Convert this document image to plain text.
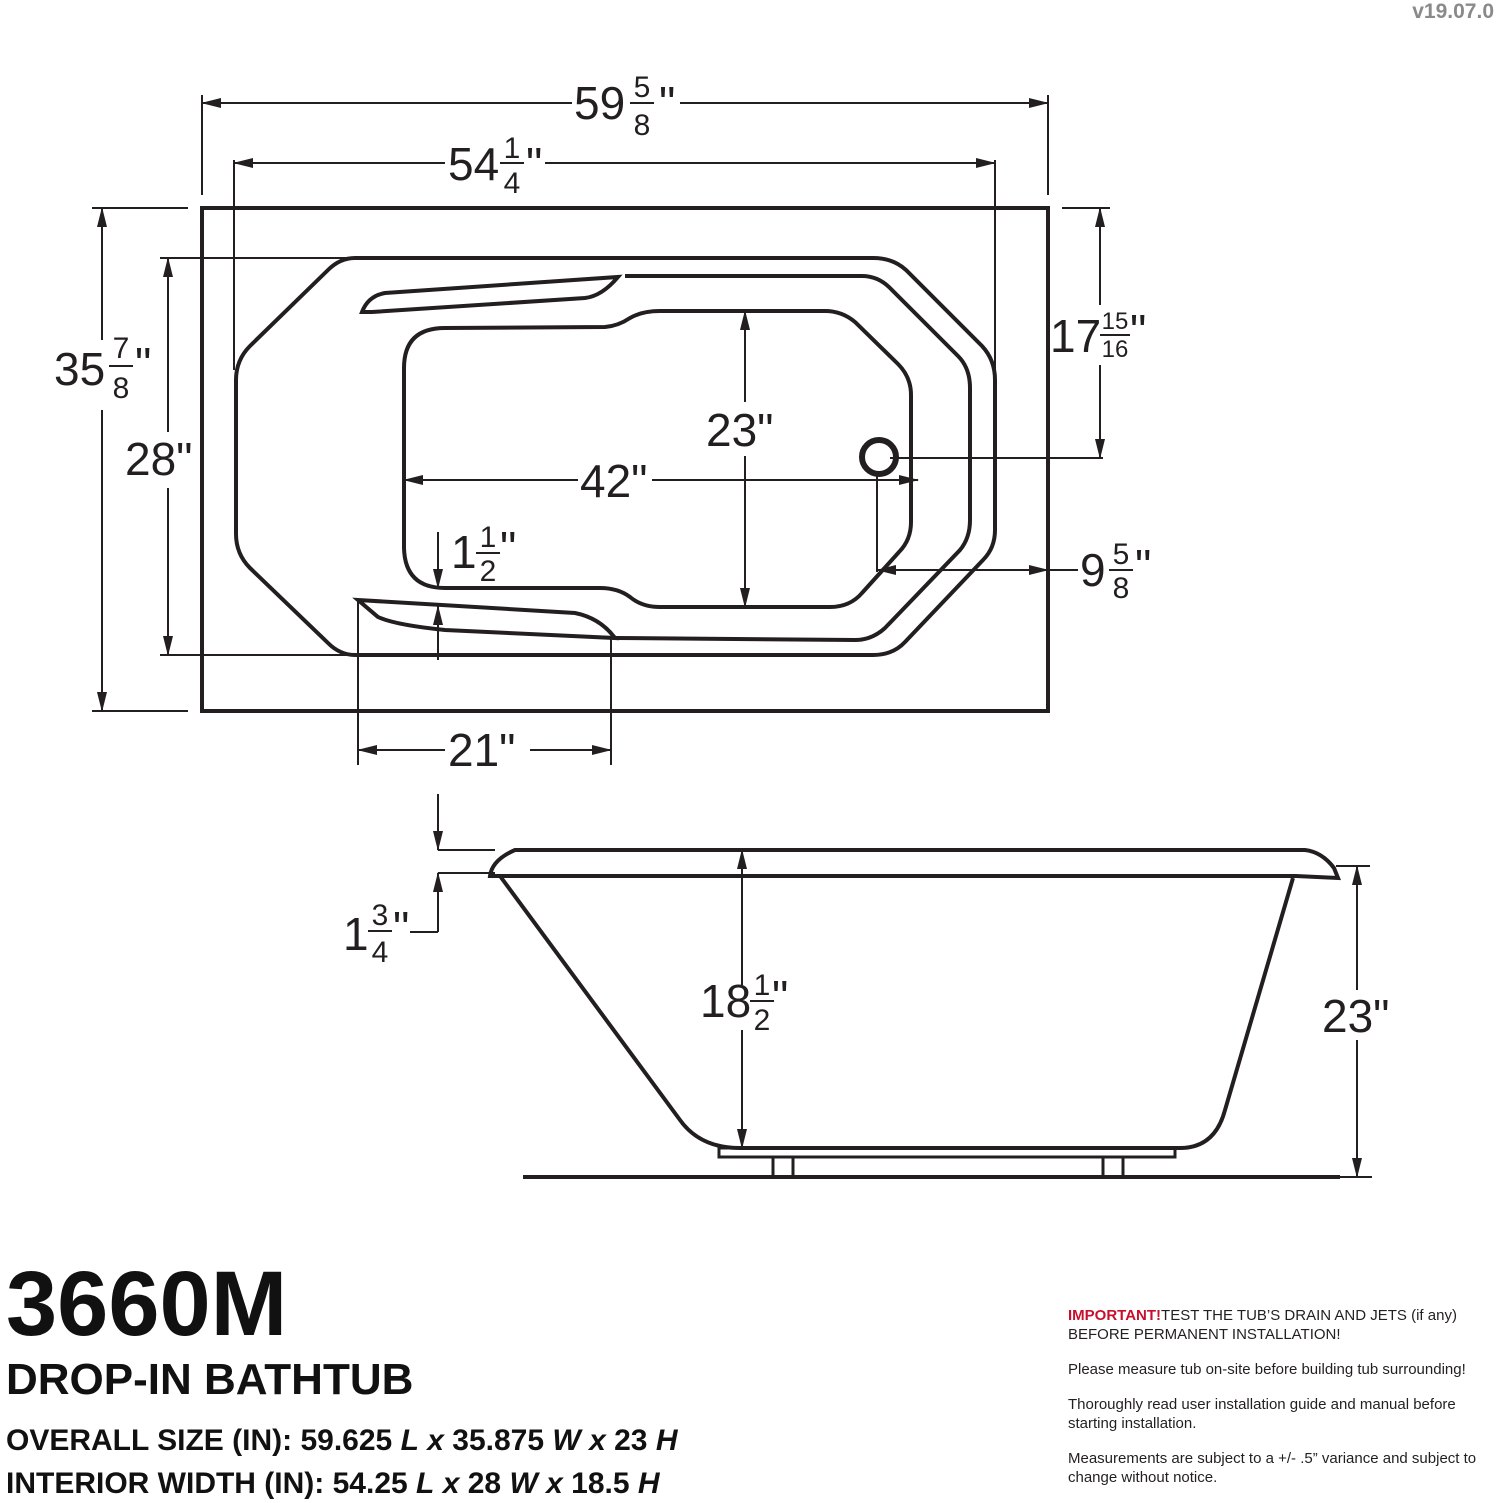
v19.07.0
59 5
8 "
54 1
4 "
35 7
8 "
28"
17 15
16 "
23"
42"
1 1
2 "	9 5
8 "
21"
1 3
4 "
18 1
2 "	23"
3660M
DROP-IN BATHTUB
OVERALL SIZE (IN): 59.625 L x 35.875 W x 23 H
INTERIOR WIDTH (IN): 54.25 L x 28 W x 18.5 H

IMPORTANT!TEST THE TUB’S DRAIN AND JETS (if any) BEFORE PERMANENT INSTALLATION!

Please measure tub on-site before building tub surrounding!

Thoroughly read user installation guide and manual before starting installation.

Measurements are subject to a +/- .5” variance and subject to change without notice.
